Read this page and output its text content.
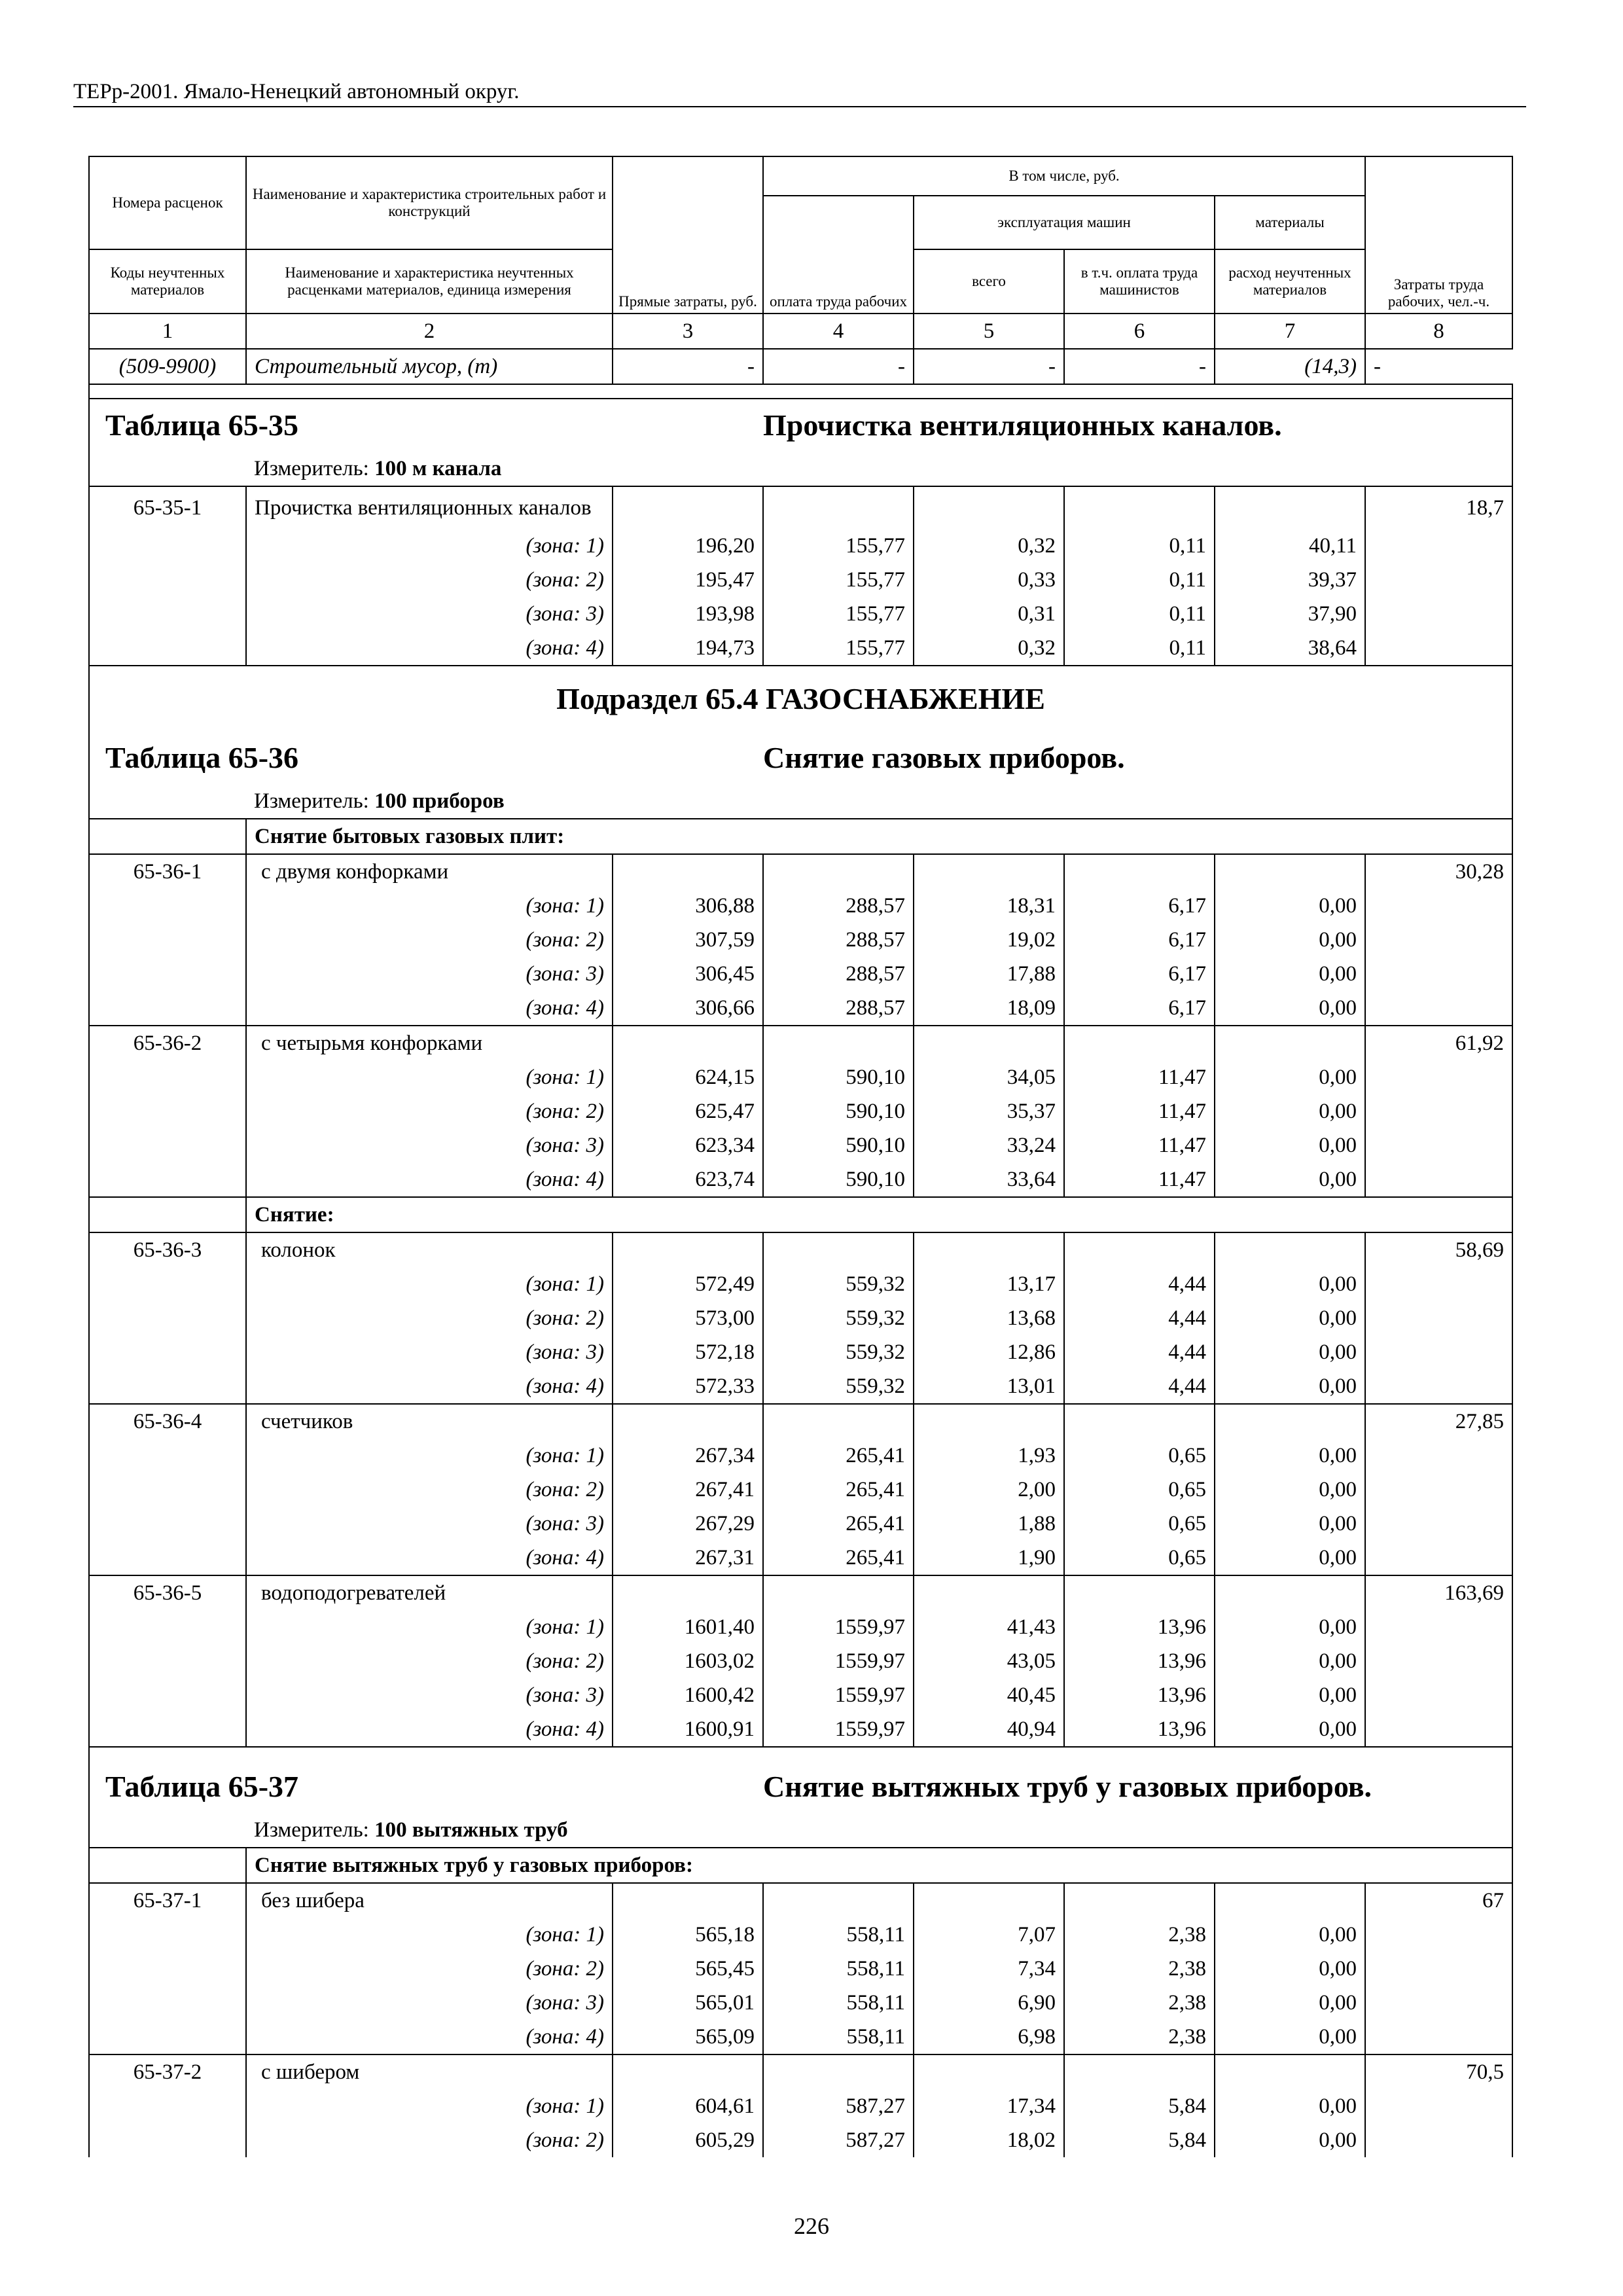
ТЕРр-2001. Ямало-Ненецкий автономный округ.
Номера расценок	Наименование и характеристика строительных работ и конструкций	Прямые затраты, руб.	В том числе, руб.				Затраты труда рабочих, чел.-ч.
			оплата труда рабочих	эксплуатация машин		материалы	
				всего	в т.ч. оплата труда машинистов	расход неучтенных материалов	
Коды неучтенных материалов	Наименование и характеристика неучтенных расценками материалов, единица измерения						
1	2	3	4	5	6	7	8
(509-9900)	Строительный мусор, (т)	-	-	-	-	(14,3)	-

Таблица 65-35			Прочистка вентиляционных каналов.				
	Измеритель: 100 м канала						
65-35-1	Прочистка вентиляционных каналов						18,7
	(зона: 1)	196,20	155,77	0,32	0,11	40,11	
	(зона: 2)	195,47	155,77	0,33	0,11	39,37	
	(зона: 3)	193,98	155,77	0,31	0,11	37,90	
	(зона: 4)	194,73	155,77	0,32	0,11	38,64	
Подраздел 65.4 ГАЗОСНАБЖЕНИЕ							
Таблица 65-36			Снятие газовых приборов.				
	Измеритель: 100 приборов						
	Снятие бытовых газовых плит:						
65-36-1	с двумя конфорками						30,28
	(зона: 1)	306,88	288,57	18,31	6,17	0,00	
	(зона: 2)	307,59	288,57	19,02	6,17	0,00	
	(зона: 3)	306,45	288,57	17,88	6,17	0,00	
	(зона: 4)	306,66	288,57	18,09	6,17	0,00	
65-36-2	с четырьмя конфорками						61,92
	(зона: 1)	624,15	590,10	34,05	11,47	0,00	
	(зона: 2)	625,47	590,10	35,37	11,47	0,00	
	(зона: 3)	623,34	590,10	33,24	11,47	0,00	
	(зона: 4)	623,74	590,10	33,64	11,47	0,00	
	Снятие:						
65-36-3	колонок						58,69
	(зона: 1)	572,49	559,32	13,17	4,44	0,00	
	(зона: 2)	573,00	559,32	13,68	4,44	0,00	
	(зона: 3)	572,18	559,32	12,86	4,44	0,00	
	(зона: 4)	572,33	559,32	13,01	4,44	0,00	
65-36-4	счетчиков						27,85
	(зона: 1)	267,34	265,41	1,93	0,65	0,00	
	(зона: 2)	267,41	265,41	2,00	0,65	0,00	
	(зона: 3)	267,29	265,41	1,88	0,65	0,00	
	(зона: 4)	267,31	265,41	1,90	0,65	0,00	
65-36-5	водоподогревателей						163,69
	(зона: 1)	1601,40	1559,97	41,43	13,96	0,00	
	(зона: 2)	1603,02	1559,97	43,05	13,96	0,00	
	(зона: 3)	1600,42	1559,97	40,45	13,96	0,00	
	(зона: 4)	1600,91	1559,97	40,94	13,96	0,00	

Таблица 65-37			Снятие вытяжных труб у газовых приборов.				
	Измеритель: 100 вытяжных труб						
	Снятие вытяжных труб у газовых приборов:						
65-37-1	без шибера						67
	(зона: 1)	565,18	558,11	7,07	2,38	0,00	
	(зона: 2)	565,45	558,11	7,34	2,38	0,00	
	(зона: 3)	565,01	558,11	6,90	2,38	0,00	
	(зона: 4)	565,09	558,11	6,98	2,38	0,00	
65-37-2	с шибером						70,5
	(зона: 1)	604,61	587,27	17,34	5,84	0,00	
	(зона: 2)	605,29	587,27	18,02	5,84	0,00	
226
